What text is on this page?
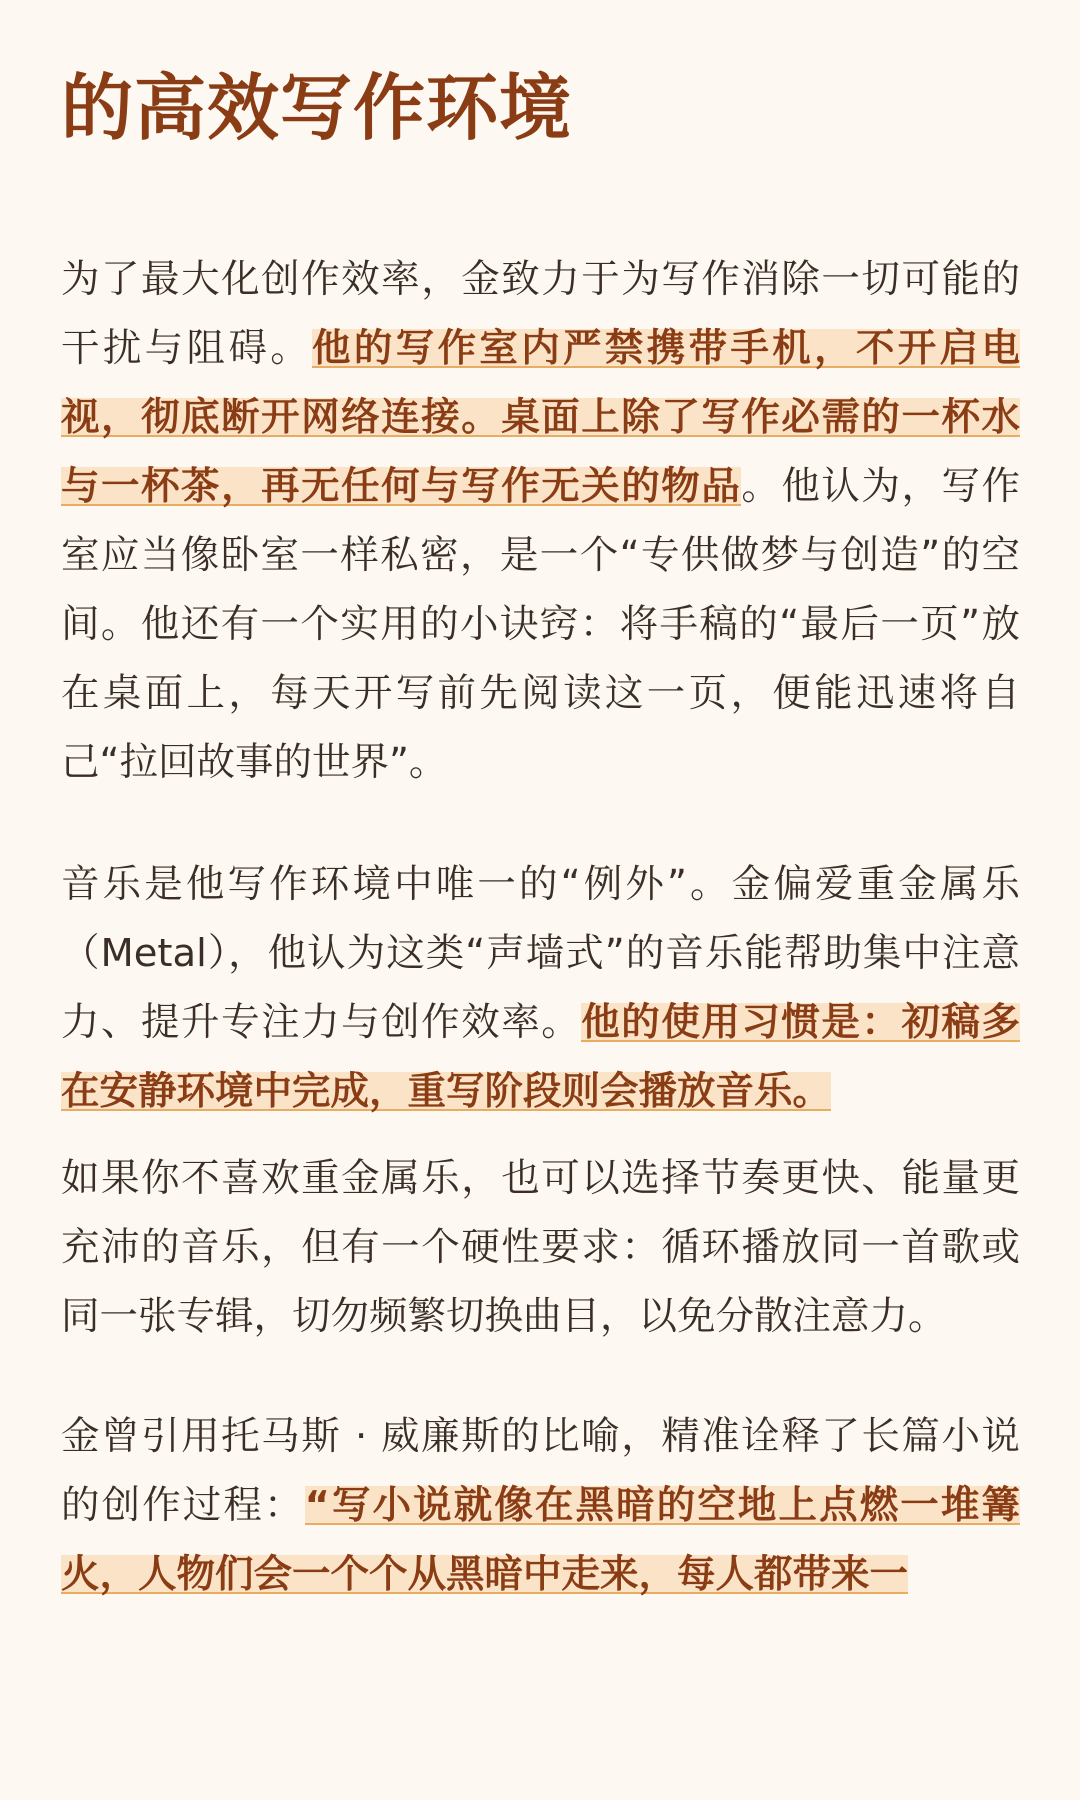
的高效写作环境

为了最大化创作效率，金致力于为写作消除一切可能的干扰与阻碍。他的写作室内严禁携带手机，不开启电视，彻底断开网络连接。桌面上除了写作必需的一杯水与一杯茶，再无任何与写作无关的物品。他认为，写作室应当像卧室一样私密，是一个“专供做梦与创造”的空间。他还有一个实用的小诀窍：将手稿的“最后一页”放在桌面上，每天开写前先阅读这一页，便能迅速将自己“拉回故事的世界”。

音乐是他写作环境中唯一的“例外”。金偏爱重金属乐（Metal），他认为这类“声墙式”的音乐能帮助集中注意力、提升专注力与创作效率。他的使用习惯是：初稿多在安静环境中完成，重写阶段则会播放音乐。

如果你不喜欢重金属乐，也可以选择节奏更快、能量更充沛的音乐，但有一个硬性要求：循环播放同一首歌或同一张专辑，切勿频繁切换曲目，以免分散注意力。

金曾引用托马斯 · 威廉斯的比喻，精准诠释了长篇小说的创作过程：“写小说就像在黑暗的空地上点燃一堆篝火，人物们会一个个从黑暗中走来，每人都带来一
